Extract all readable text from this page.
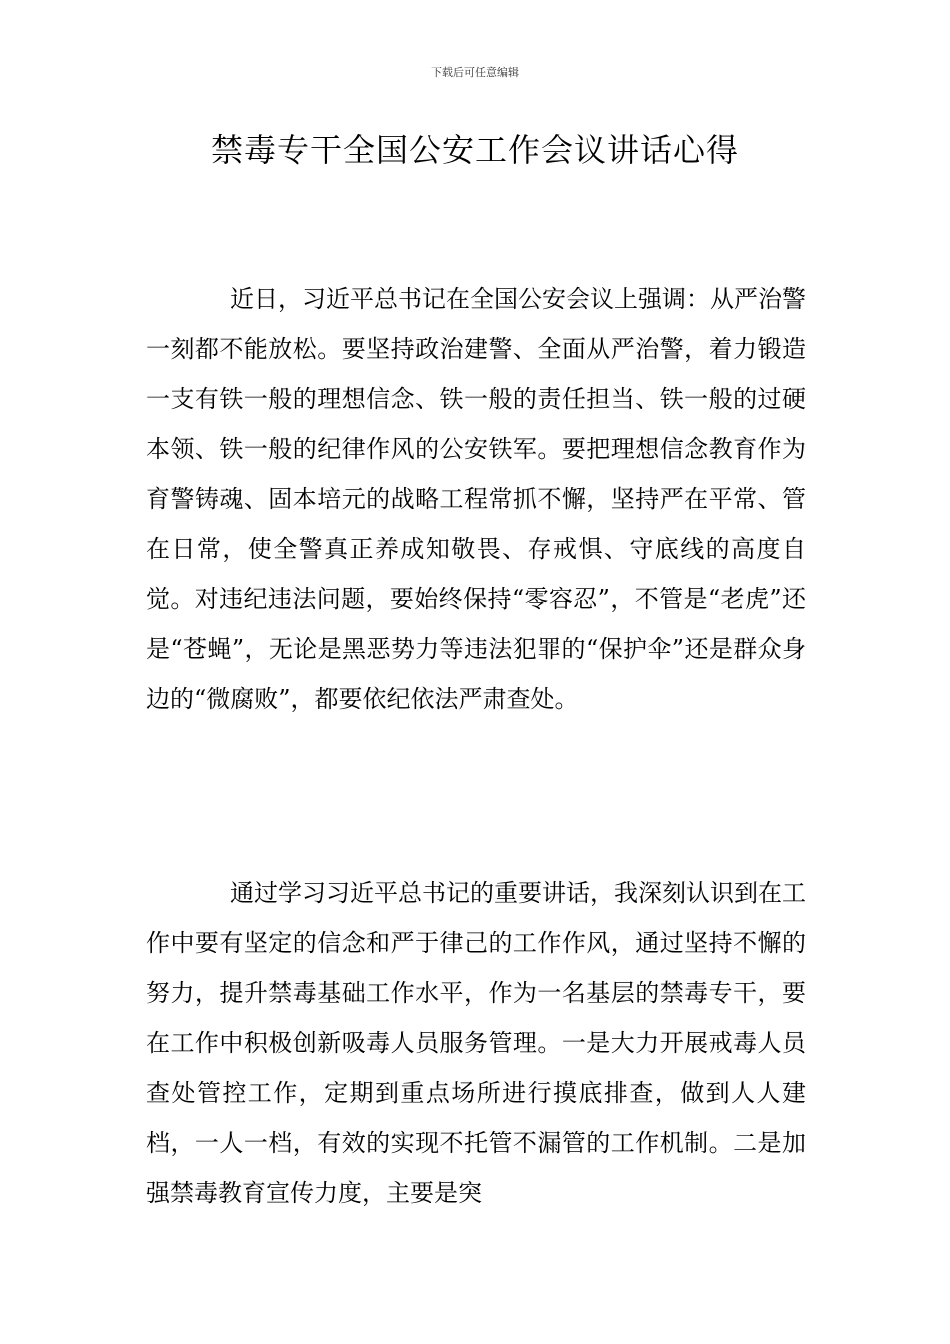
下载后可任意编辑
禁毒专干全国公安工作会议讲话心得

近日，习近平总书记在全国公安会议上强调：从严治警一刻都不能放松。要坚持政治建警、全面从严治警，着力锻造一支有铁一般的理想信念、铁一般的责任担当、铁一般的过硬本领、铁一般的纪律作风的公安铁军。要把理想信念教育作为育警铸魂、固本培元的战略工程常抓不懈，坚持严在平常、管在日常，使全警真正养成知敬畏、存戒惧、守底线的高度自觉。对违纪违法问题，要始终保持“零容忍”，不管是“老虎”还是“苍蝇”，无论是黑恶势力等违法犯罪的“保护伞”还是群众身边的“微腐败”，都要依纪依法严肃查处。

通过学习习近平总书记的重要讲话，我深刻认识到在工作中要有坚定的信念和严于律己的工作作风，通过坚持不懈的努力，提升禁毒基础工作水平，作为一名基层的禁毒专干，要在工作中积极创新吸毒人员服务管理。一是大力开展戒毒人员查处管控工作，定期到重点场所进行摸底排查，做到人人建档，一人一档，有效的实现不托管不漏管的工作机制。二是加强禁毒教育宣传力度，主要是突
